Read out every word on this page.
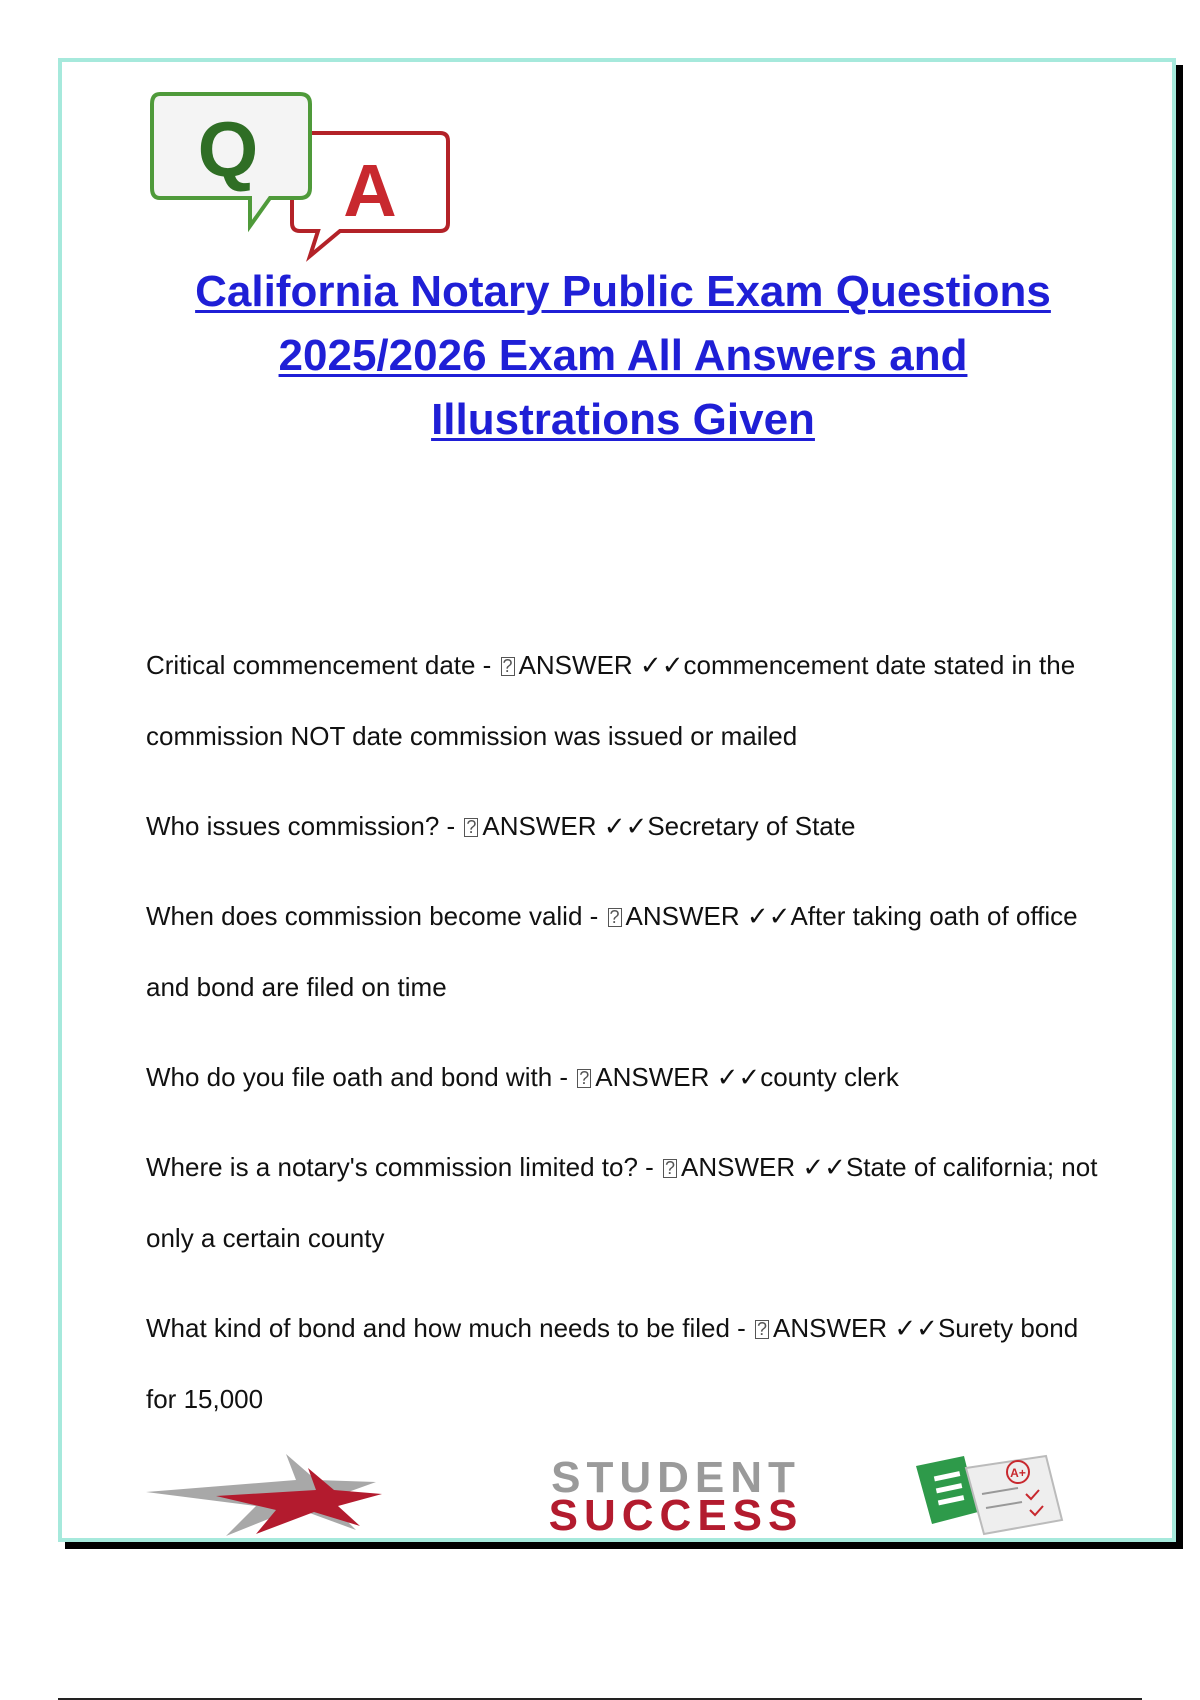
A
Q
California Notary Public Exam Questions
2025/2026 Exam All Answers and
Illustrations Given
Critical commencement date - ? ANSWER ✓✓commencement date stated in the commission NOT date commission was issued or mailed
Who issues commission? - ? ANSWER ✓✓Secretary of State
When does commission become valid - ? ANSWER ✓✓After taking oath of office and bond are filed on time
Who do you file oath and bond with - ? ANSWER ✓✓county clerk
Where is a notary's commission limited to? - ? ANSWER ✓✓State of california; not only a certain county
What kind of bond and how much needs to be filed - ? ANSWER ✓✓Surety bond for 15,000
STUDENT
SUCCESS
A+
